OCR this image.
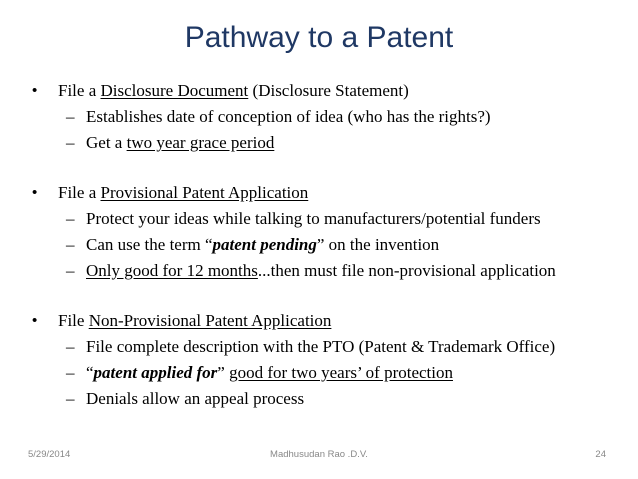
Pathway to a Patent
• File a Disclosure Document (Disclosure Statement)
– Establishes date of conception of idea (who has the rights?)
– Get a two year grace period
• File a Provisional Patent Application
– Protect your ideas while talking to manufacturers/potential funders
– Can use the term “patent pending” on the invention
– Only good for 12 months...then must file non-provisional application
• File Non-Provisional Patent Application
– File complete description with the PTO (Patent & Trademark Office)
– “patent applied for” good for two years’ of protection
– Denials allow an appeal process
5/29/2014	Madhusudan Rao .D.V.	24
